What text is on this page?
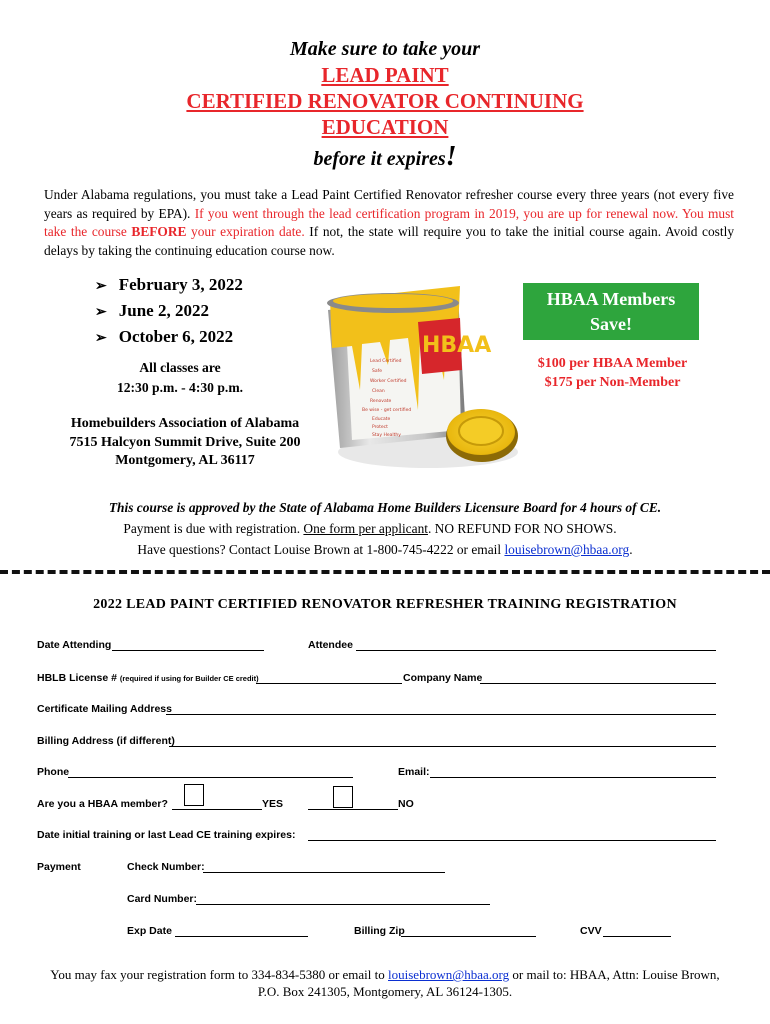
Make sure to take your
LEAD PAINT
CERTIFIED RENOVATOR CONTINUING
EDUCATION
before it expires!
Under Alabama regulations, you must take a Lead Paint Certified Renovator refresher course every three years (not every five years as required by EPA). If you went through the lead certification program in 2019, you are up for renewal now. You must take the course BEFORE your expiration date. If not, the state will require you to take the initial course again. Avoid costly delays by taking the continuing education course now.
➢ February 3, 2022
➢ June 2, 2022
➢ October 6, 2022
All classes are
12:30 p.m. - 4:30 p.m.
Homebuilders Association of Alabama
7515 Halcyon Summit Drive, Suite 200
Montgomery, AL 36117
HBAA
Lead Certified
Safe
Worker Certified
Clean
Renovate
Be wise - get certified
Educate
Protect
Stay Healthy
HBAA Members
Save!
$100 per HBAA Member
$175 per Non-Member
This course is approved by the State of Alabama Home Builders Licensure Board for 4 hours of CE.
Payment is due with registration. One form per applicant. NO REFUND FOR NO SHOWS.
Have questions? Contact Louise Brown at 1-800-745-4222 or email louisebrown@hbaa.org.
2022 LEAD PAINT CERTIFIED RENOVATOR REFRESHER TRAINING REGISTRATION
Date Attending	Attendee
HBLB License # (required if using for Builder CE credit)	Company Name
Certificate Mailing Address
Billing Address (if different)
Phone	Email:
Are you a HBAA member?	YES	NO
Date initial training or last Lead CE training expires:
Payment	Check Number:
Card Number:
Exp Date	Billing Zip	CVV
You may fax your registration form to 334-834-5380 or email to louisebrown@hbaa.org or mail to: HBAA, Attn: Louise Brown,
P.O. Box 241305, Montgomery, AL 36124-1305.
